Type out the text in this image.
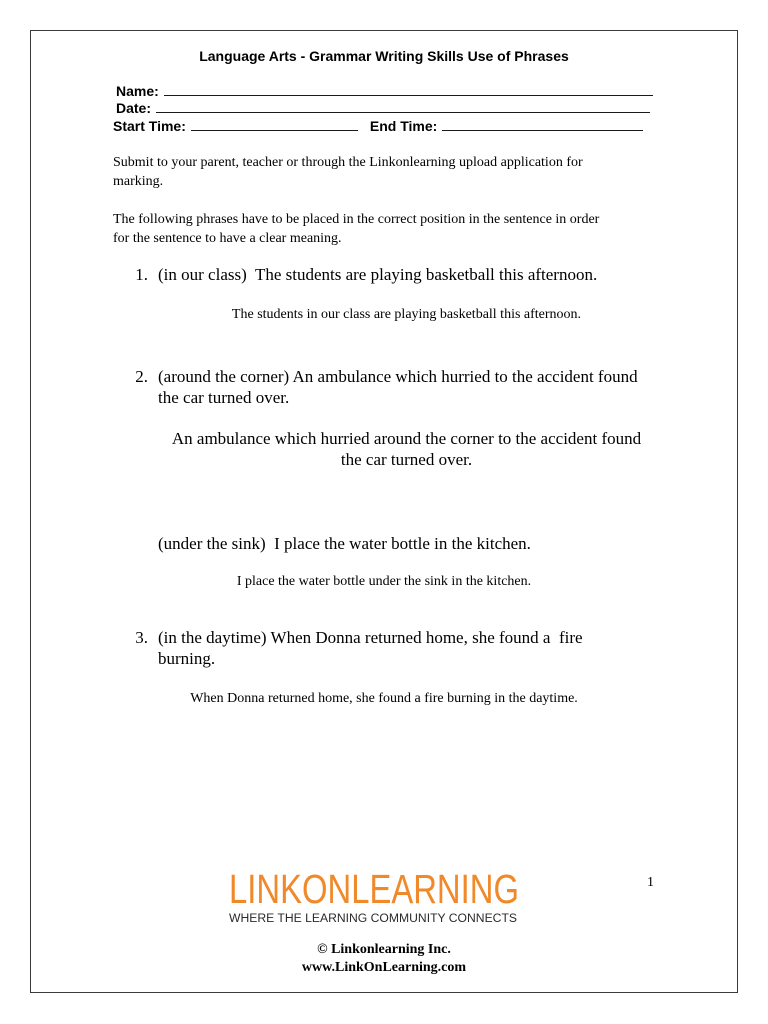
Language Arts - Grammar Writing Skills Use of Phrases
Name:
Date:
Start Time:	End Time:
Submit to your parent, teacher or through the Linkonlearning upload application for
marking.
The following phrases have to be placed in the correct position in the sentence in order
for the sentence to have a clear meaning.
1. (in our class)  The students are playing basketball this afternoon.
The students in our class are playing basketball this afternoon.
2. (around the corner) An ambulance which hurried to the accident found
the car turned over.
An ambulance which hurried around the corner to the accident found
the car turned over.
(under the sink)  I place the water bottle in the kitchen.
I place the water bottle under the sink in the kitchen.
3. (in the daytime) When Donna returned home, she found a  fire
burning.
When Donna returned home, she found a fire burning in the daytime.
1
LINKONLEARNING
WHERE THE LEARNING COMMUNITY CONNECTS
© Linkonlearning Inc.
www.LinkOnLearning.com
